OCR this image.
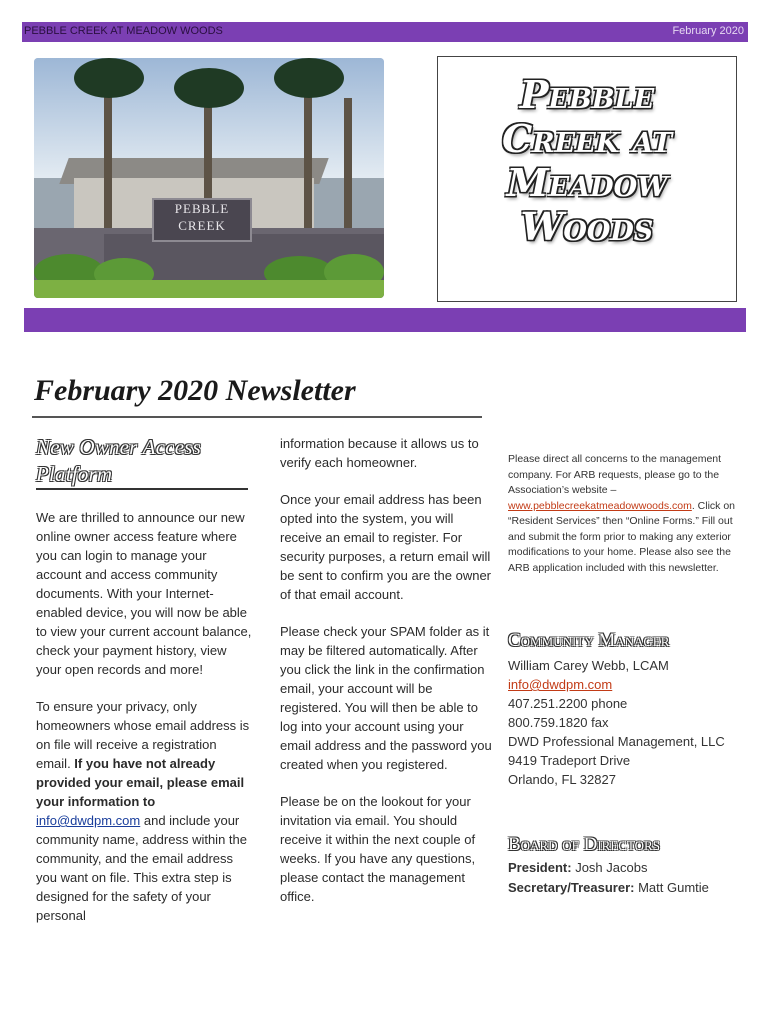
PEBBLE CREEK AT MEADOW WOODS	February 2020
PEBBLE
CREEK
Pebble
Creek at
Meadow
Woods
February 2020 Newsletter
New Owner Access Platform

We are thrilled to announce our new online owner access feature where you can login to manage your account and access community documents. With your Internet-enabled device, you will now be able to view your current account balance, check your payment history, view your open records and more!

To ensure your privacy, only homeowners whose email address is on file will receive a registration email. If you have not already provided your email, please email your information to info@dwdpm.com and include your community name, address within the community, and the email address you want on file. This extra step is designed for the safety of your personal

information because it allows us to verify each homeowner.

Once your email address has been opted into the system, you will receive an email to register. For security purposes, a return email will be sent to confirm you are the owner of that email account.

Please check your SPAM folder as it may be filtered automatically. After you click the link in the confirmation email, your account will be registered. You will then be able to log into your account using your email address and the password you created when you registered.

Please be on the lookout for your invitation via email. You should receive it within the next couple of weeks. If you have any questions, please contact the management office.

Please direct all concerns to the management company. For ARB requests, please go to the Association’s website – www.pebblecreekatmeadowwoods.com. Click on “Resident Services” then “Online Forms.” Fill out and submit the form prior to making any exterior modifications to your home. Please also see the ARB application included with this newsletter.
Community Manager
William Carey Webb, LCAM
info@dwdpm.com
407.251.2200 phone
800.759.1820 fax
DWD Professional Management, LLC
9419 Tradeport Drive
Orlando, FL 32827
Board of Directors
President: Josh Jacobs
Secretary/Treasurer: Matt Gumtie
